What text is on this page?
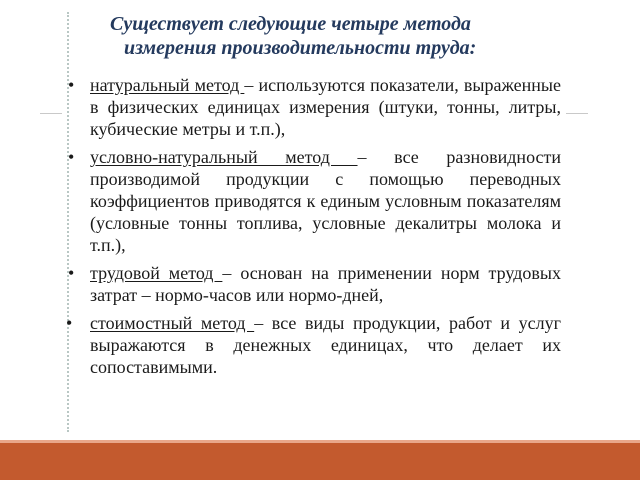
Существует следующие четыре метода
измерения производительности труда:
• натуральный метод – используются показатели, выраженные в физических единицах измерения (штуки, тонны, литры, кубические метры и т.п.),
• условно-натуральный метод – все разновидности производимой продукции с помощью переводных коэффициентов приводятся к единым условным показателям (условные тонны топлива, условные декалитры молока и т.п.),
• трудовой метод – основан на применении норм трудовых затрат – нормо-часов или нормо-дней,
• стоимостный метод – все виды продукции, работ и услуг выражаются в денежных единицах, что делает их сопоставимыми.
